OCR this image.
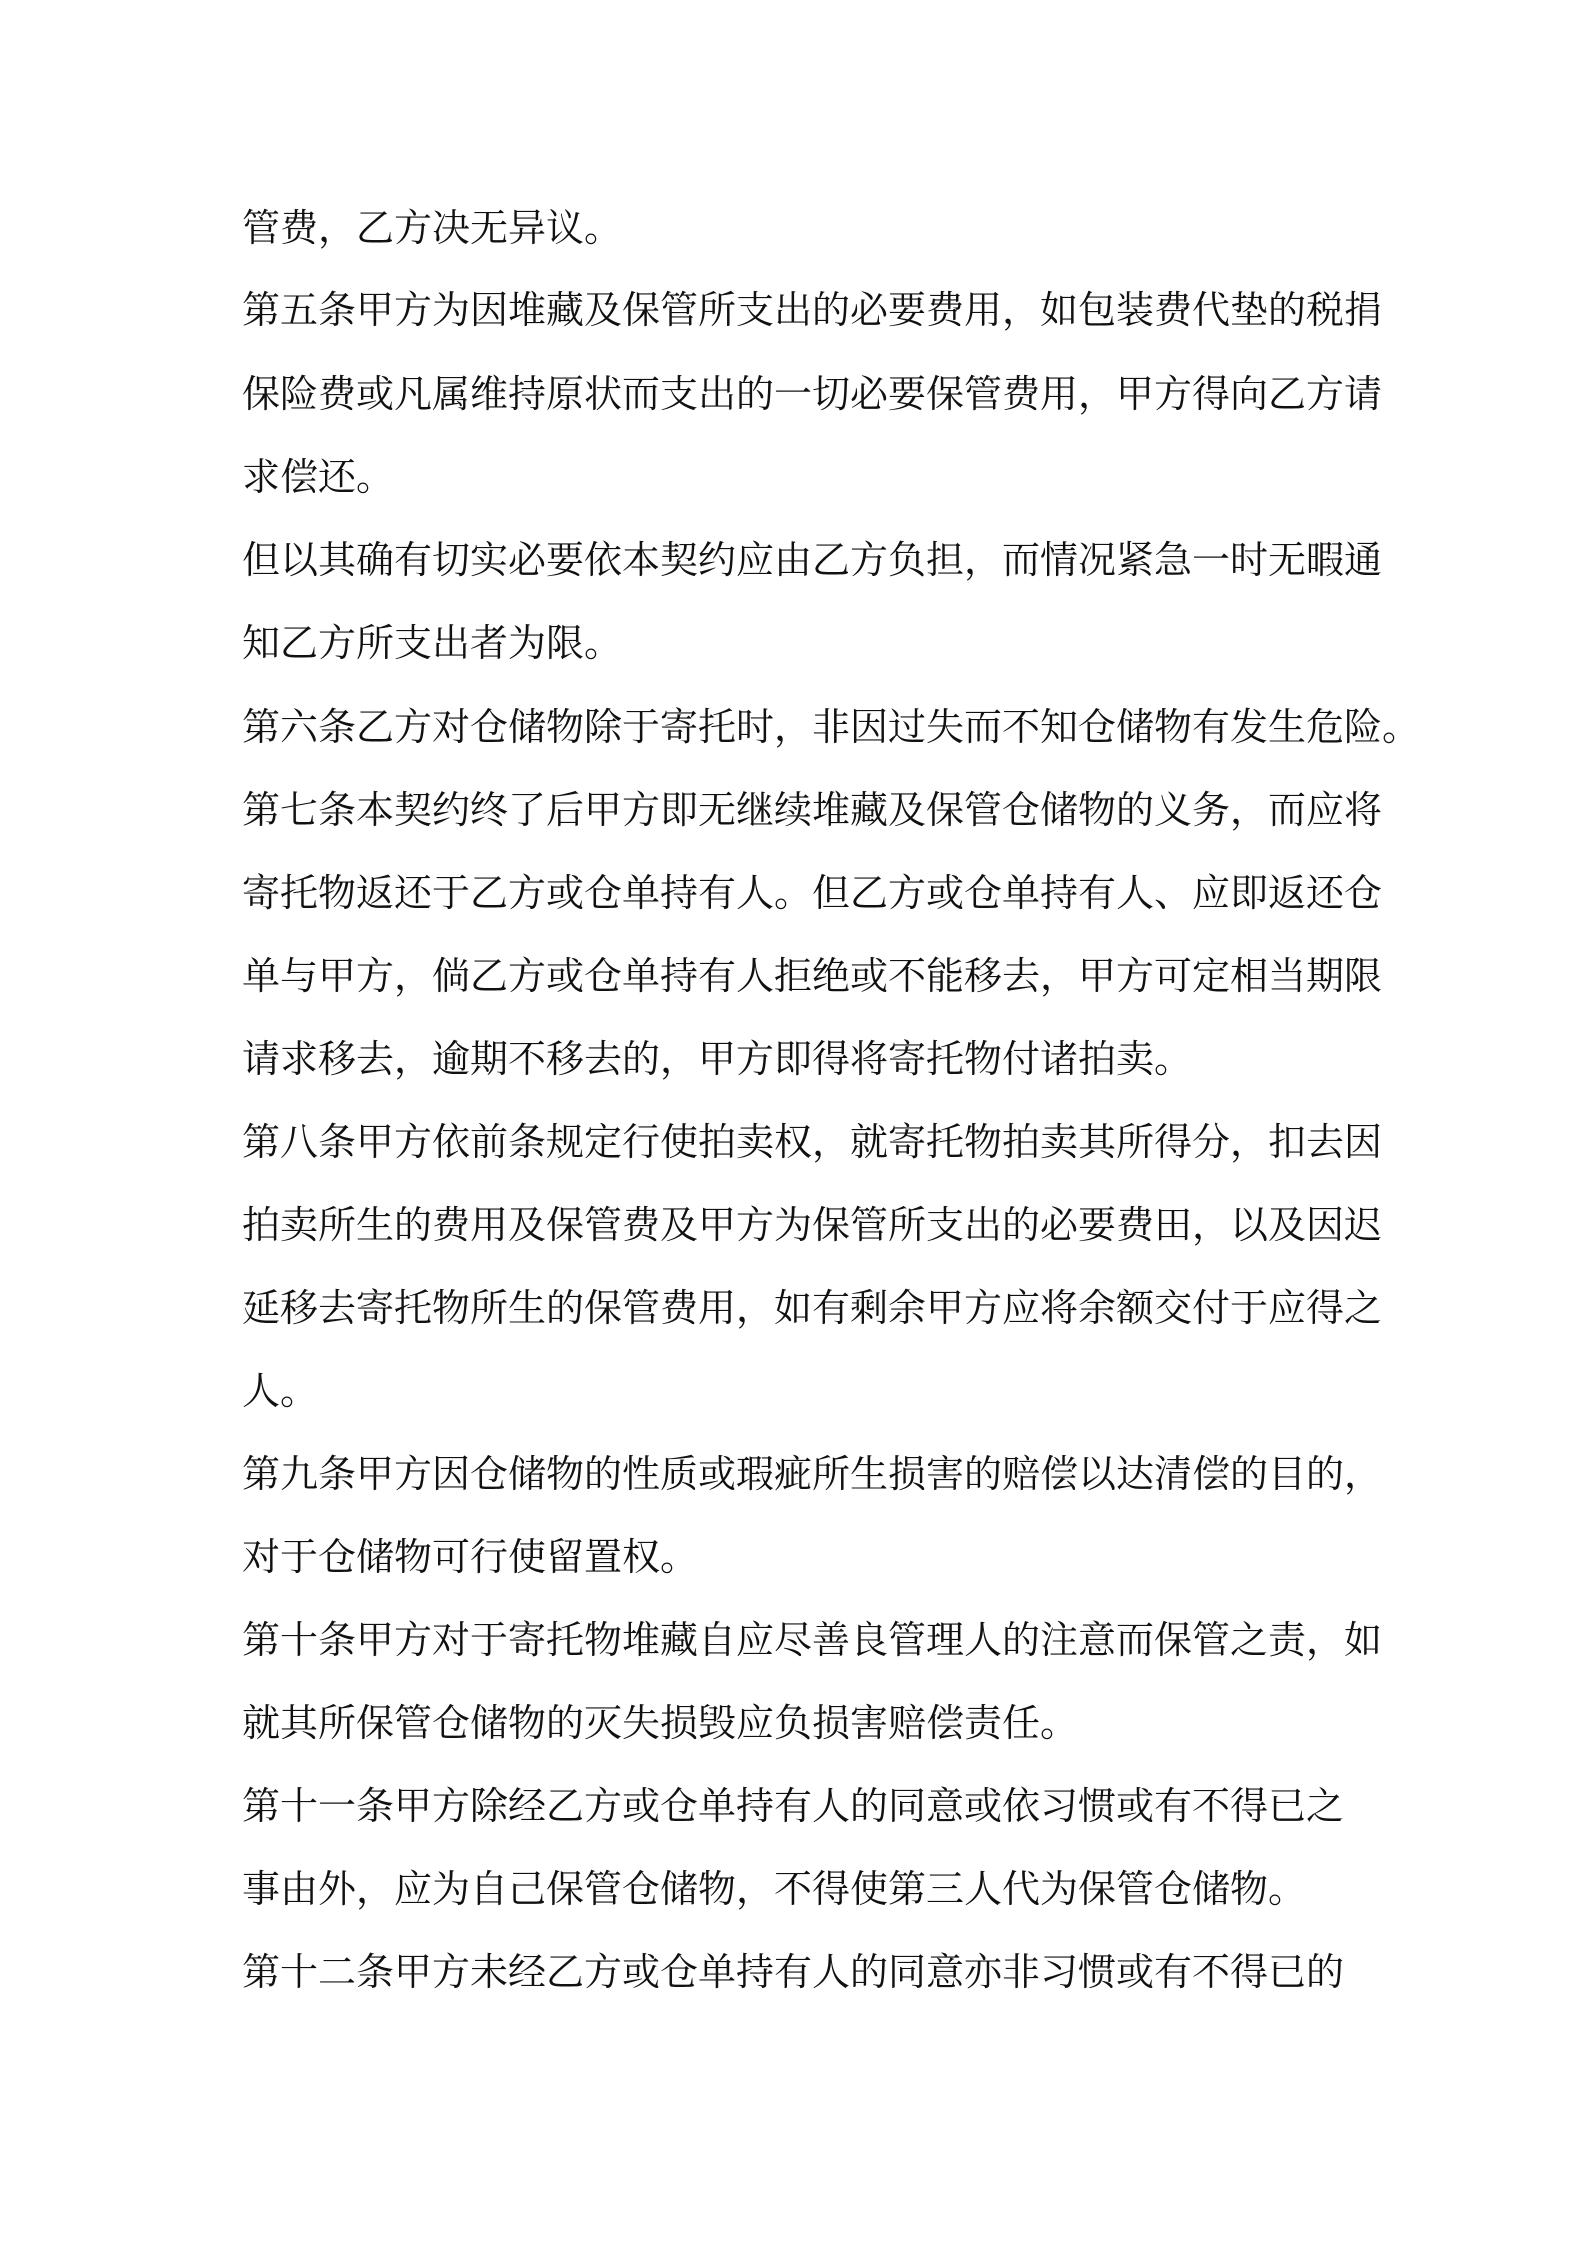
管费，乙方决无异议。
第五条甲方为因堆藏及保管所支出的必要费用，如包装费代垫的税捐
保险费或凡属维持原状而支出的一切必要保管费用，甲方得向乙方请
求偿还。
但以其确有切实必要依本契约应由乙方负担，而情况紧急一时无暇通
知乙方所支出者为限。
第六条乙方对仓储物除于寄托时，非因过失而不知仓储物有发生危险。
第七条本契约终了后甲方即无继续堆藏及保管仓储物的义务，而应将
寄托物返还于乙方或仓单持有人。但乙方或仓单持有人、应即返还仓
单与甲方，倘乙方或仓单持有人拒绝或不能移去，甲方可定相当期限
请求移去，逾期不移去的，甲方即得将寄托物付诸拍卖。
第八条甲方依前条规定行使拍卖权，就寄托物拍卖其所得分，扣去因
拍卖所生的费用及保管费及甲方为保管所支出的必要费田，以及因迟
延移去寄托物所生的保管费用，如有剩余甲方应将余额交付于应得之
人。
第九条甲方因仓储物的性质或瑕疵所生损害的赔偿以达清偿的目的，
对于仓储物可行使留置权。
第十条甲方对于寄托物堆藏自应尽善良管理人的注意而保管之责，如
就其所保管仓储物的灭失损毁应负损害赔偿责任。
第十一条甲方除经乙方或仓单持有人的同意或依习惯或有不得已之
事由外，应为自己保管仓储物，不得使第三人代为保管仓储物。
第十二条甲方未经乙方或仓单持有人的同意亦非习惯或有不得已的
